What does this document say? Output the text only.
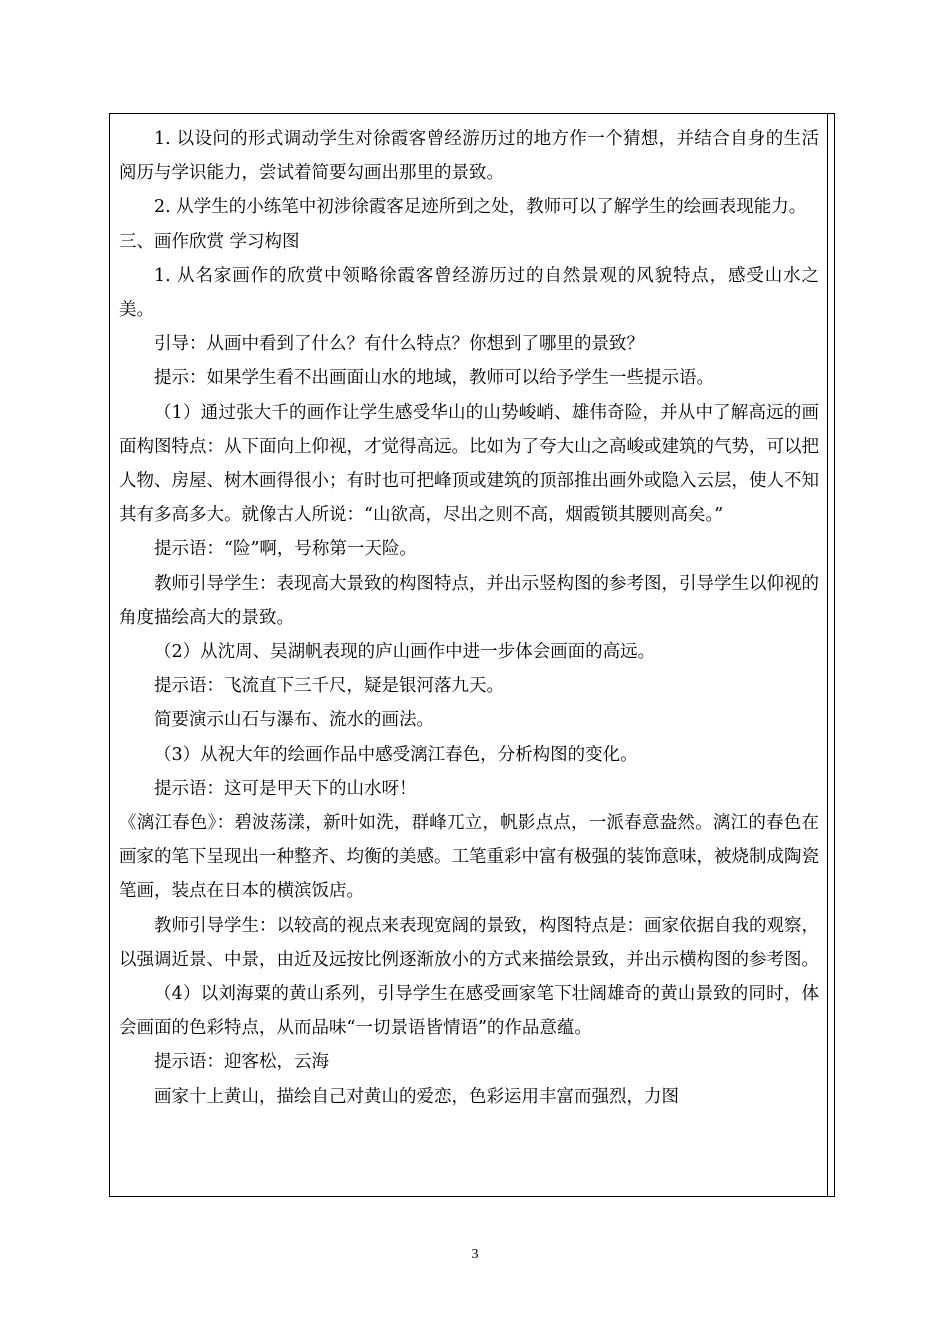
1. 以设问的形式调动学生对徐霞客曾经游历过的地方作一个猜想，并结合自身的生活阅历与学识能力，尝试着简要勾画出那里的景致。

2. 从学生的小练笔中初涉徐霞客足迹所到之处，教师可以了解学生的绘画表现能力。

三、画作欣赏 学习构图

1. 从名家画作的欣赏中领略徐霞客曾经游历过的自然景观的风貌特点，感受山水之美。

引导：从画中看到了什么？有什么特点？你想到了哪里的景致？

提示：如果学生看不出画面山水的地域，教师可以给予学生一些提示语。

（1）通过张大千的画作让学生感受华山的山势峻峭、雄伟奇险，并从中了解高远的画面构图特点：从下面向上仰视，才觉得高远。比如为了夸大山之高峻或建筑的气势，可以把人物、房屋、树木画得很小；有时也可把峰顶或建筑的顶部推出画外或隐入云层，使人不知其有多高多大。就像古人所说：“山欲高，尽出之则不高，烟霞锁其腰则高矣。”

提示语：“险”啊，号称第一天险。

教师引导学生：表现高大景致的构图特点，并出示竖构图的参考图，引导学生以仰视的角度描绘高大的景致。

（2）从沈周、吴湖帆表现的庐山画作中进一步体会画面的高远。

提示语：飞流直下三千尺，疑是银河落九天。

简要演示山石与瀑布、流水的画法。

（3）从祝大年的绘画作品中感受漓江春色，分析构图的变化。

提示语：这可是甲天下的山水呀！

《漓江春色》：碧波荡漾，新叶如洗，群峰兀立，帆影点点，一派春意盎然。漓江的春色在画家的笔下呈现出一种整齐、均衡的美感。工笔重彩中富有极强的装饰意味，被烧制成陶瓷笔画，装点在日本的横滨饭店。

教师引导学生：以较高的视点来表现宽阔的景致，构图特点是：画家依据自我的观察，以强调近景、中景，由近及远按比例逐渐放小的方式来描绘景致，并出示横构图的参考图。

（4）以刘海粟的黄山系列，引导学生在感受画家笔下壮阔雄奇的黄山景致的同时，体会画面的色彩特点，从而品味“一切景语皆情语”的作品意蕴。

提示语：迎客松，云海

画家十上黄山，描绘自己对黄山的爱恋，色彩运用丰富而强烈，力图

3
